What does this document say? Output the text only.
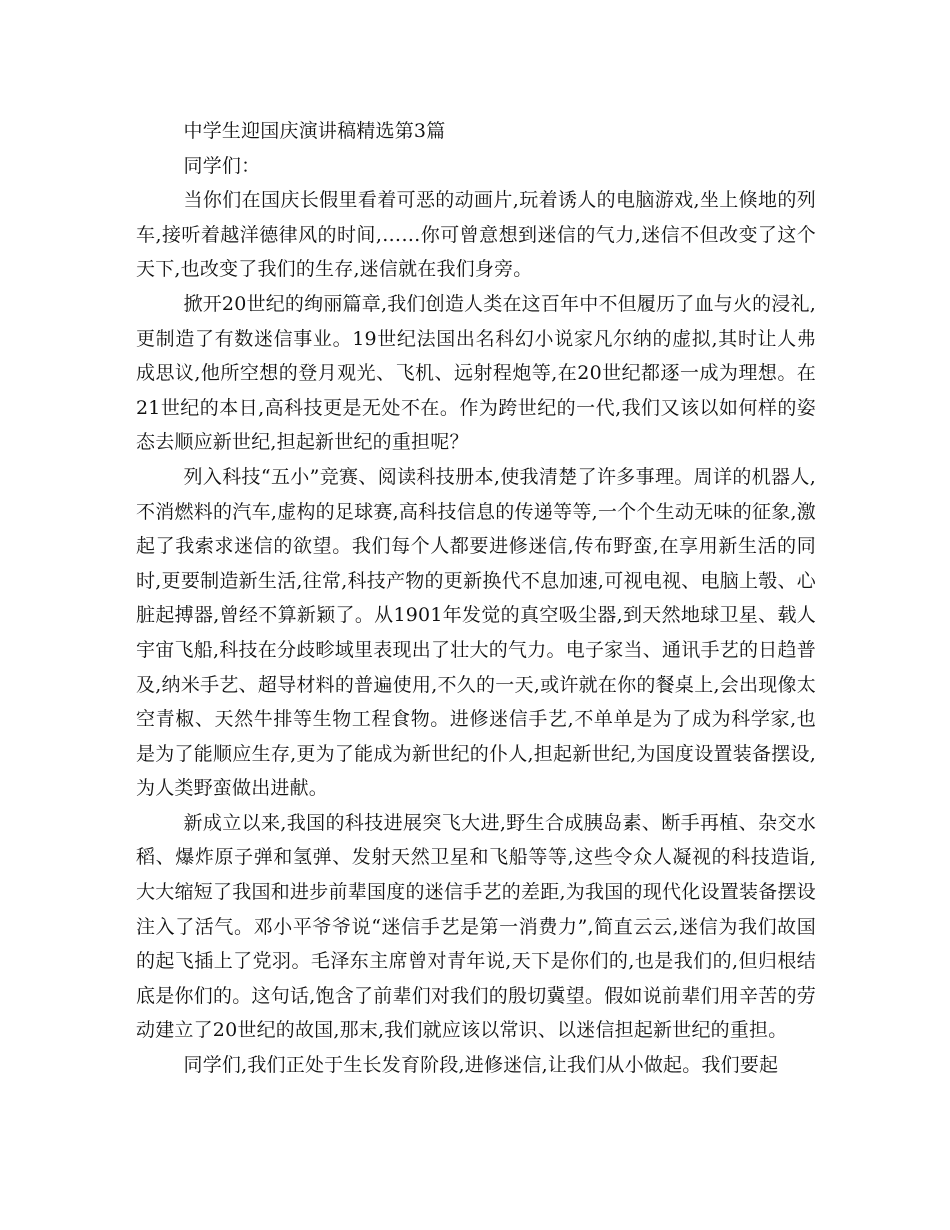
中学生迎国庆演讲稿精选第3篇

同学们：

当你们在国庆长假里看着可恶的动画片,玩着诱人的电脑游戏,坐上倏地的列车,接听着越洋德律风的时间,……你可曾意想到迷信的气力,迷信不但改变了这个天下,也改变了我们的生存,迷信就在我们身旁。

掀开20世纪的绚丽篇章,我们创造人类在这百年中不但履历了血与火的浸礼,更制造了有数迷信事业。19世纪法国出名科幻小说家凡尔纳的虚拟,其时让人弗成思议,他所空想的登月观光、飞机、远射程炮等,在20世纪都逐一成为理想。在21世纪的本日,高科技更是无处不在。作为跨世纪的一代,我们又该以如何样的姿态去顺应新世纪,担起新世纪的重担呢？

列入科技“五小”竞赛、阅读科技册本,使我清楚了许多事理。周详的机器人,不消燃料的汽车,虚构的足球赛,高科技信息的传递等等,一个个生动无味的征象,激起了我索求迷信的欲望。我们每个人都要进修迷信,传布野蛮,在享用新生活的同时,更要制造新生活,往常,科技产物的更新换代不息加速,可视电视、电脑上彀、心脏起搏器,曾经不算新颖了。从1901年发觉的真空吸尘器,到天然地球卫星、载人宇宙飞船,科技在分歧畛域里表现出了壮大的气力。电子家当、通讯手艺的日趋普及,纳米手艺、超导材料的普遍使用,不久的一天,或许就在你的餐桌上,会出现像太空青椒、天然牛排等生物工程食物。进修迷信手艺,不单单是为了成为科学家,也是为了能顺应生存,更为了能成为新世纪的仆人,担起新世纪,为国度设置装备摆设,为人类野蛮做出进献。

新成立以来,我国的科技进展突飞大进,野生合成胰岛素、断手再植、杂交水稻、爆炸原子弹和氢弹、发射天然卫星和飞船等等,这些令众人凝视的科技造诣,大大缩短了我国和进步前辈国度的迷信手艺的差距,为我国的现代化设置装备摆设注入了活气。邓小平爷爷说“迷信手艺是第一消费力”,简直云云,迷信为我们故国的起飞插上了党羽。毛泽东主席曾对青年说,天下是你们的,也是我们的,但归根结底是你们的。这句话,饱含了前辈们对我们的殷切冀望。假如说前辈们用辛苦的劳动建立了20世纪的故国,那末,我们就应该以常识、以迷信担起新世纪的重担。

同学们,我们正处于生长发育阶段,进修迷信,让我们从小做起。我们要起
